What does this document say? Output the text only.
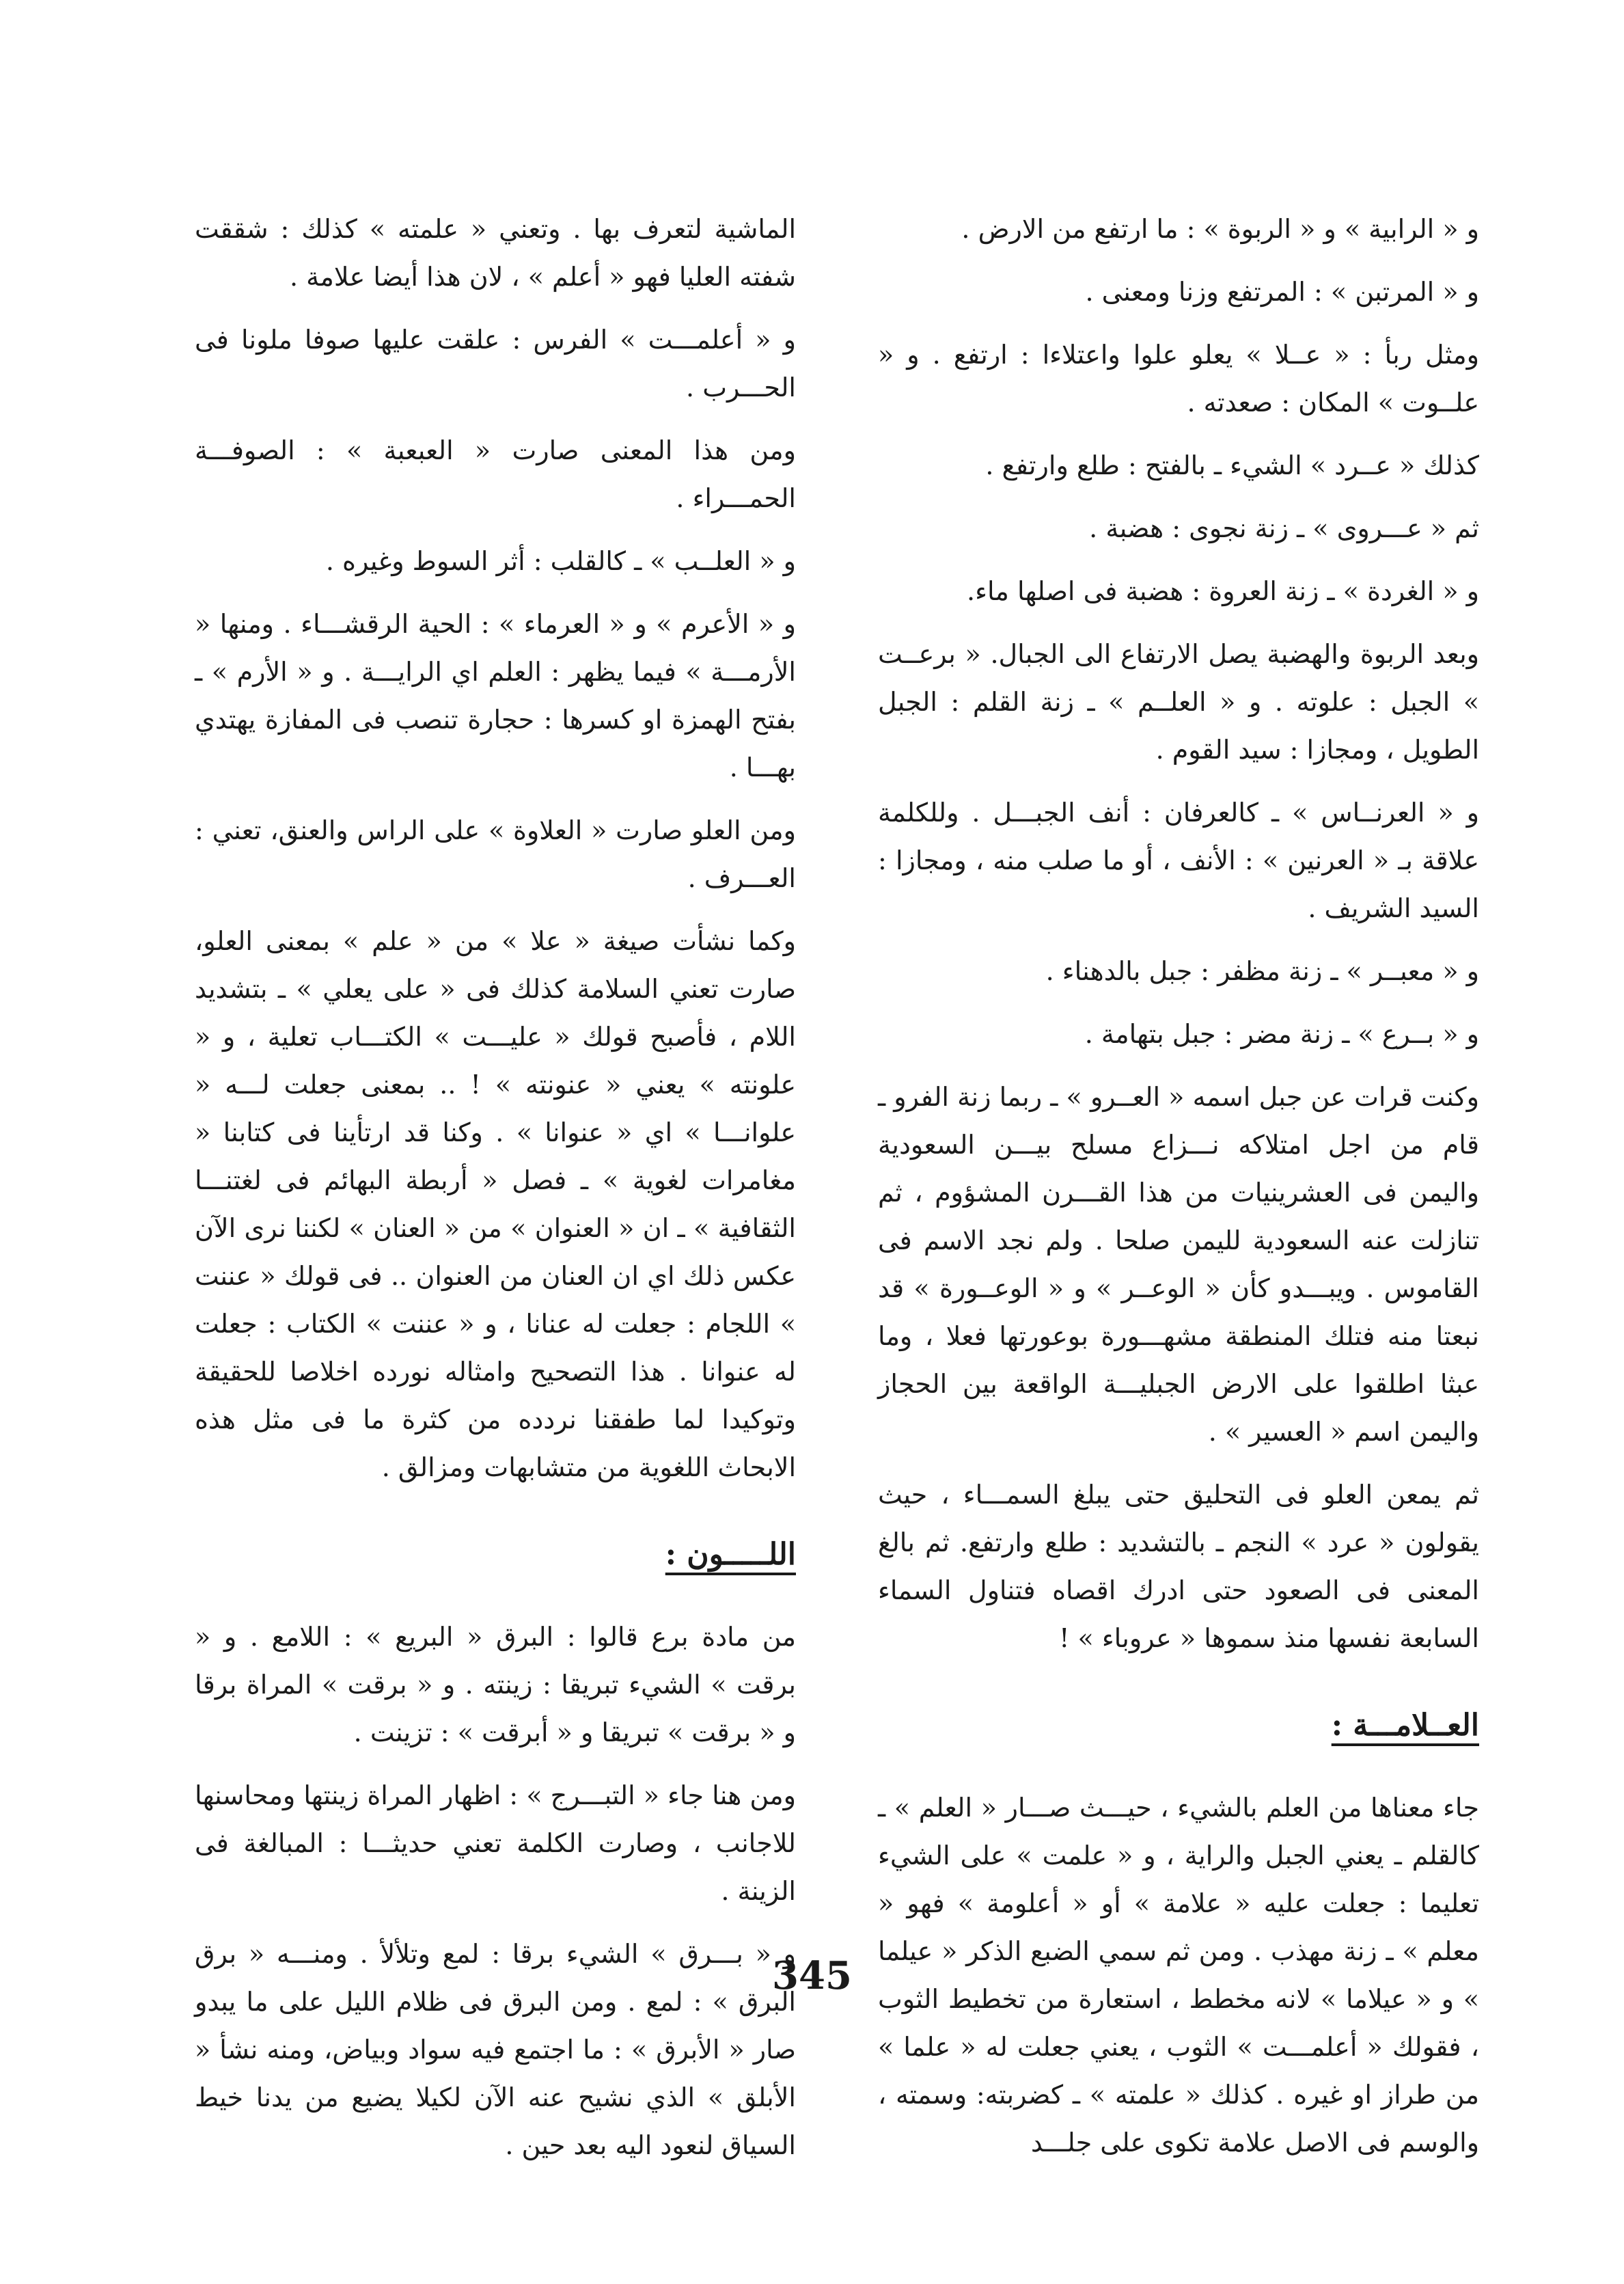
و « الرابية » و « الربوة » : ما ارتفع من الارض .

و « المرتبن » : المرتفع وزنا ومعنى .

ومثل ربأ : « عــلا » يعلو علوا واعتلاءا : ارتفع . و « علــوت » المكان : صعدته .

كذلك « عــرد » الشيء ـ بالفتح : طلع وارتفع .

ثم « عـــروى » ـ زنة نجوى : هضبة .

و « الغردة » ـ زنة العروة : هضبة فى اصلها ماء.

وبعد الربوة والهضبة يصل الارتفاع الى الجبال. « برعــت » الجبل : علوته . و « العلــم » ـ زنة القلم : الجبل الطويل ، ومجازا : سيد القوم .

و « العرنــاس » ـ كالعرفان : أنف الجبـــل . وللكلمة علاقة بـ « العرنين » : الأنف ، أو ما صلب منه ، ومجازا : السيد الشريف .

و « معبــر » ـ زنة مظفر : جبل بالدهناء .

و « بــرع » ـ زنة مضر : جبل بتهامة .

وكنت قرات عن جبل اسمه « العــرو » ـ ربما زنة الفرو ـ قام من اجل امتلاكه نـــزاع مسلح بيـــن السعودية واليمن فى العشرينيات من هذا القـــرن المشؤوم ، ثم تنازلت عنه السعودية لليمن صلحا . ولم نجد الاسم فى القاموس . ويبـــدو كأن « الوعــر » و « الوعــورة » قد نبعتا منه فتلك المنطقة مشهـــورة بوعورتها فعلا ، وما عبثا اطلقوا على الارض الجبليـــة الواقعة بين الحجاز واليمن اسم « العسير » .

ثم يمعن العلو فى التحليق حتى يبلغ السمـــاء ، حيث يقولون « عرد » النجم ـ بالتشديد : طلع وارتفع. ثم بالغ المعنى فى الصعود حتى ادرك اقصاه فتناول السماء السابعة نفسها منذ سموها « عروباء » !

العــلامـــة :

جاء معناها من العلم بالشيء ، حيـــث صـــار « العلم » ـ كالقلم ـ يعني الجبل والراية ، و « علمت » على الشيء تعليما : جعلت عليه « علامة » أو « أعلومة » فهو « معلم » ـ زنة مهذب . ومن ثم سمي الضبع الذكر « عيلما » و « عيلاما » لانه مخطط ، استعارة من تخطيط الثوب ، فقولك « أعلمـــت » الثوب ، يعني جعلت له « علما » من طراز او غيره . كذلك « علمته » ـ كضربته: وسمته ، والوسم فى الاصل علامة تكوى على جلـــد

الماشية لتعرف بها . وتعني « علمته » كذلك : شققت شفته العليا فهو « أعلم » ، لان هذا أيضا علامة .

و « أعلمـــت » الفرس : علقت عليها صوفا ملونا فى الحـــرب .

ومن هذا المعنى صارت « العبعبة » : الصوفـــة الحمـــراء .

و « العلــب » ـ كالقلب : أثر السوط وغيره .

و « الأعرم » و « العرماء » : الحية الرقشـــاء . ومنها « الأرمـــة » فيما يظهر : العلم اي الرايـــة . و « الأرم » ـ بفتح الهمزة او كسرها : حجارة تنصب فى المفازة يهتدي بهـــا .

ومن العلو صارت « العلاوة » على الراس والعنق، تعني : العـــرف .

وكما نشأت صيغة « علا » من « علم » بمعنى العلو، صارت تعني السلامة كذلك فى « على يعلي » ـ بتشديد اللام ، فأصبح قولك « عليـــت » الكتـــاب تعلية ، و « علونته » يعني « عنونته » ! .. بمعنى جعلت لـــه « علوانـــا » اي « عنوانا » . وكنا قد ارتأينا فى كتابنا « مغامرات لغوية » ـ فصل « أربطة البهائم فى لغتنـــا الثقافية » ـ ان « العنوان » من « العنان » لكننا نرى الآن عكس ذلك اي ان العنان من العنوان .. فى قولك « عننت » اللجام : جعلت له عنانا ، و « عننت » الكتاب : جعلت له عنوانا . هذا التصحيح وامثاله نورده اخلاصا للحقيقة وتوكيدا لما طفقنا نردده من كثرة ما فى مثل هذه الابحاث اللغوية من متشابهات ومزالق .

اللـــــون :

من مادة برع قالوا : البرق « البريع » : اللامع . و « برقت » الشيء تبريقا : زينته . و « برقت » المراة برقا و « برقت » تبريقا و « أبرقت » : تزينت .

ومن هنا جاء « التبـــرج » : اظهار المراة زينتها ومحاسنها للاجانب ، وصارت الكلمة تعني حديثـــا : المبالغة فى الزينة .

و « بـــرق » الشيء برقا : لمع وتلألأ . ومنـــه « برق البرق » : لمع . ومن البرق فى ظلام الليل على ما يبدو صار « الأبرق » : ما اجتمع فيه سواد وبياض، ومنه نشأ « الأبلق » الذي نشيح عنه الآن لكيلا يضيع من يدنا خيط السياق لنعود اليه بعد حين .

345
